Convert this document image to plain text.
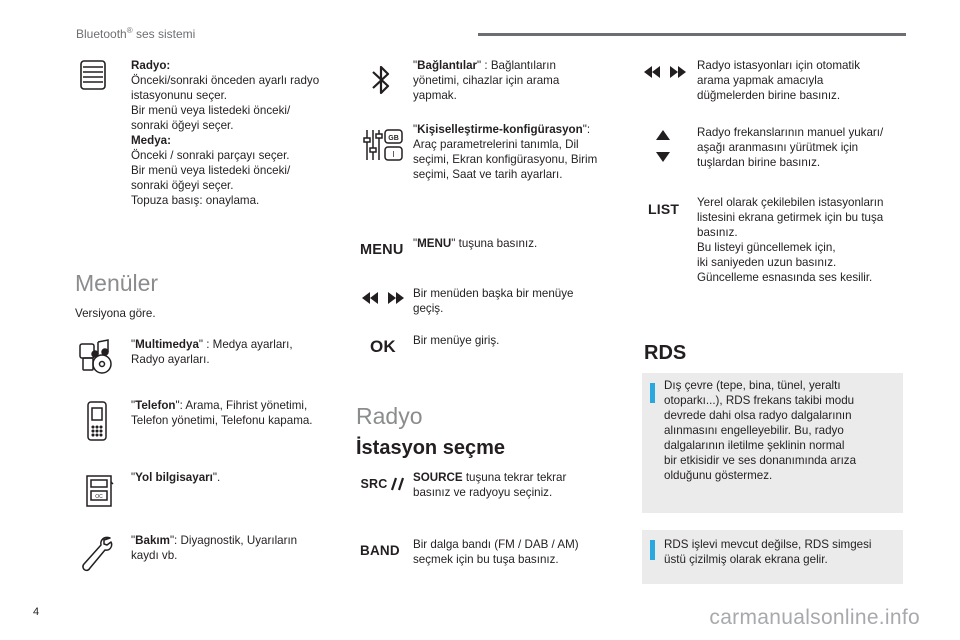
Bluetooth® ses sistemi
Radyo:
Önceki/sonraki önceden ayarlı radyo
istasyonunu seçer.
Bir menü veya listedeki önceki/
sonraki öğeyi seçer.
Medya:
Önceki / sonraki parçayı seçer.
Bir menü veya listedeki önceki/
sonraki öğeyi seçer.
Topuza basış: onaylama.
Menüler
Versiyona göre.
"Multimedya" : Medya ayarları,
Radyo ayarları.
"Telefon": Arama, Fihrist yönetimi,
Telefon yönetimi, Telefonu kapama.
OC
"Yol bilgisayarı".
"Bakım": Diyagnostik, Uyarıların
kaydı vb.
"Bağlantılar" : Bağlantıların
yönetimi, cihazlar için arama
yapmak.
GB
I
"Kişiselleştirme-konfigürasyon":
Araç parametrelerini tanımla, Dil
seçimi, Ekran konfigürasyonu, Birim
seçimi, Saat ve tarih ayarları.
MENU "MENU" tuşuna basınız.
Bir menüden başka bir menüye
geçiş.
OK Bir menüye giriş.
Radyo
İstasyon seçme
SRC SOURCE tuşuna tekrar tekrar
basınız ve radyoyu seçiniz.
BAND Bir dalga bandı (FM / DAB / AM)
seçmek için bu tuşa basınız.
Radyo istasyonları için otomatik
arama yapmak amacıyla
düğmelerden birine basınız.
Radyo frekanslarının manuel yukarı/
aşağı aranmasını yürütmek için
tuşlardan birine basınız.
LIST Yerel olarak çekilebilen istasyonların
listesini ekrana getirmek için bu tuşa
basınız.
Bu listeyi güncellemek için,
iki saniyeden uzun basınız.
Güncelleme esnasında ses kesilir.
RDS
Dış çevre (tepe, bina, tünel, yeraltı
otoparkı...), RDS frekans takibi modu
devrede dahi olsa radyo dalgalarının
alınmasını engelleyebilir. Bu, radyo
dalgalarının iletilme şeklinin normal
bir etkisidir ve ses donanımında arıza
olduğunu göstermez.
RDS işlevi mevcut değilse, RDS simgesi
üstü çizilmiş olarak ekrana gelir.
4	carmanualsonline.info
